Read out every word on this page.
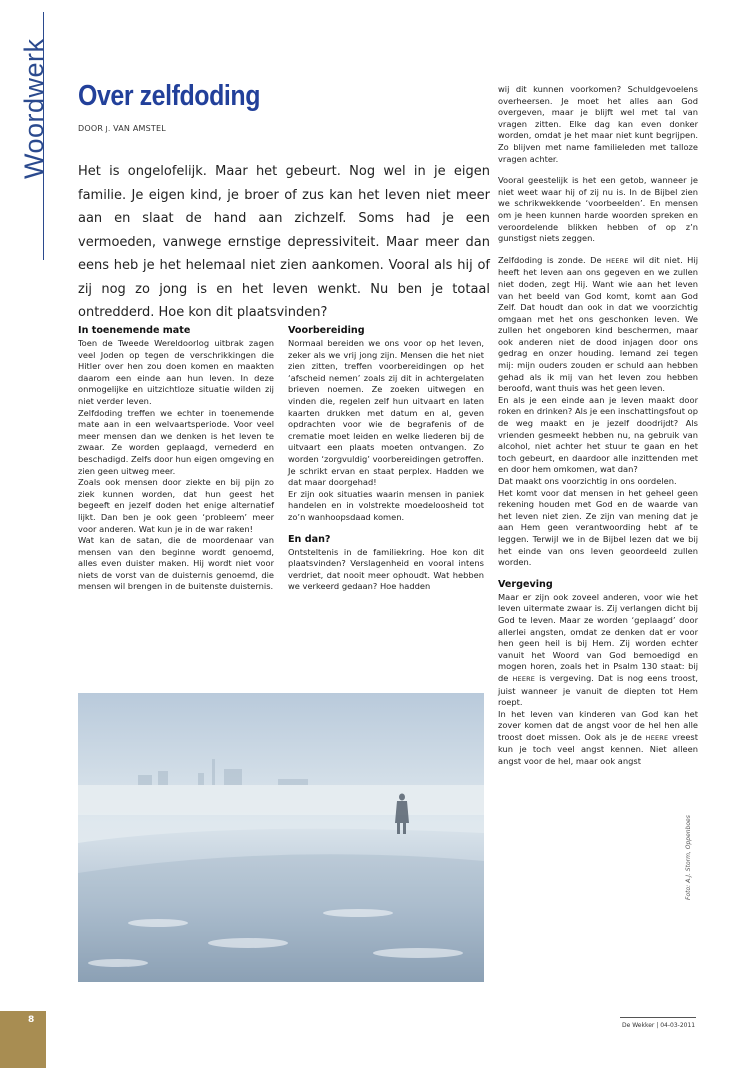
Woordwerk Over zelfdoding
DOOR J. VAN AMSTEL
Het is ongelofelijk. Maar het gebeurt. Nog wel in je eigen familie. Je eigen kind, je broer of zus kan het leven niet meer aan en slaat de hand aan zichzelf. Soms had je een vermoeden, vanwege ernstige depressiviteit. Maar meer dan eens heb je het helemaal niet zien aankomen. Vooral als hij of zij nog zo jong is en het leven wenkt. Nu ben je totaal ontredderd. Hoe kon dit plaatsvinden?
In toenemende mate

Toen de Tweede Wereldoorlog uitbrak zagen veel Joden op tegen de verschrikkingen die Hitler over hen zou doen komen en maakten daarom een einde aan hun leven. In deze onmogelijke en uitzichtloze situatie wilden zij niet verder leven.

Zelfdoding treffen we echter in toenemende mate aan in een welvaartsperiode. Voor veel meer mensen dan we denken is het leven te zwaar. Ze worden geplaagd, vernederd en beschadigd. Zelfs door hun eigen omgeving en zien geen uitweg meer.

Zoals ook mensen door ziekte en bij pijn zo ziek kunnen worden, dat hun geest het begeeft en jezelf doden het enige alternatief lijkt. Dan ben je ook geen ‘probleem’ meer voor anderen. Wat kun je in de war raken!

Wat kan de satan, die de moordenaar van mensen van den beginne wordt genoemd, alles even duister maken. Hij wordt niet voor niets de vorst van de duisternis genoemd, die mensen wil brengen in de buitenste duisternis.

Voorbereiding

Normaal bereiden we ons voor op het leven, zeker als we vrij jong zijn. Mensen die het niet zien zitten, treffen voorbereidingen op het ‘afscheid nemen’ zoals zij dit in achtergelaten brieven noemen. Ze zoeken uitwegen en vinden die, regelen zelf hun uitvaart en laten kaarten drukken met datum en al, geven opdrachten voor wie de begrafenis of de crematie moet leiden en welke liederen bij de uitvaart een plaats moeten ontvangen. Zo worden ‘zorgvuldig’ voorbereidingen getroffen.

Je schrikt ervan en staat perplex. Hadden we dat maar doorgehad!

Er zijn ook situaties waarin mensen in paniek handelen en in volstrekte moedeloosheid tot zo’n wanhoopsdaad komen.

En dan?

Ontsteltenis in de familiekring. Hoe kon dit plaatsvinden? Verslagenheid en vooral intens verdriet, dat nooit meer ophoudt. Wat hebben we verkeerd gedaan? Hoe hadden

wij dit kunnen voorkomen? Schuldgevoelens overheersen. Je moet het alles aan God overgeven, maar je blijft wel met tal van vragen zitten. Elke dag kan even donker worden, omdat je het maar niet kunt begrijpen. Zo blijven met name familieleden met talloze vragen achter.

Vooral geestelijk is het een getob, wanneer je niet weet waar hij of zij nu is. In de Bijbel zien we schrikwekkende ‘voorbeelden’. En mensen om je heen kunnen harde woorden spreken en veroordelende blikken hebben of op z’n gunstigst niets zeggen.

Zelfdoding is zonde. De HEERE wil dit niet. Hij heeft het leven aan ons gegeven en we zullen niet doden, zegt Hij. Want wie aan het leven van het beeld van God komt, komt aan God Zelf. Dat houdt dan ook in dat we voorzichtig omgaan met het ons geschonken leven. We zullen het ongeboren kind beschermen, maar ook anderen niet de dood injagen door ons gedrag en onzer houding. Iemand zei tegen mij: mijn ouders zouden er schuld aan hebben gehad als ik mij van het leven zou hebben beroofd, want thuis was het geen leven.

En als je een einde aan je leven maakt door roken en drinken? Als je een inschattingsfout op de weg maakt en je jezelf doodrijdt? Als vrienden gesmeekt hebben nu, na gebruik van alcohol, niet achter het stuur te gaan en het toch gebeurt, en daardoor alle inzittenden met en door hem omkomen, wat dan?

Dat maakt ons voorzichtig in ons oordelen.

Het komt voor dat mensen in het geheel geen rekening houden met God en de waarde van het leven niet zien. Ze zijn van mening dat je aan Hem geen verantwoording hebt af te leggen. Terwijl we in de Bijbel lezen dat we bij het einde van ons leven geoordeeld zullen worden.

Vergeving

Maar er zijn ook zoveel anderen, voor wie het leven uitermate zwaar is. Zij verlangen dicht bij God te leven. Maar ze worden ‘geplaagd’ door allerlei angsten, omdat ze denken dat er voor hen geen heil is bij Hem. Zij worden echter vanuit het Woord van God bemoedigd en mogen horen, zoals het in Psalm 130 staat: bij de HEERE is vergeving. Dat is nog eens troost, juist wanneer je vanuit de diepten tot Hem roept.

In het leven van kinderen van God kan het zover komen dat de angst voor de hel hen alle troost doet missen. Ook als je de HEERE vreest kun je toch veel angst kennen. Niet alleen angst voor de hel, maar ook angst

Foto: A.J. Storm, Oppenboes
8
De Wekker | 04-03-2011
